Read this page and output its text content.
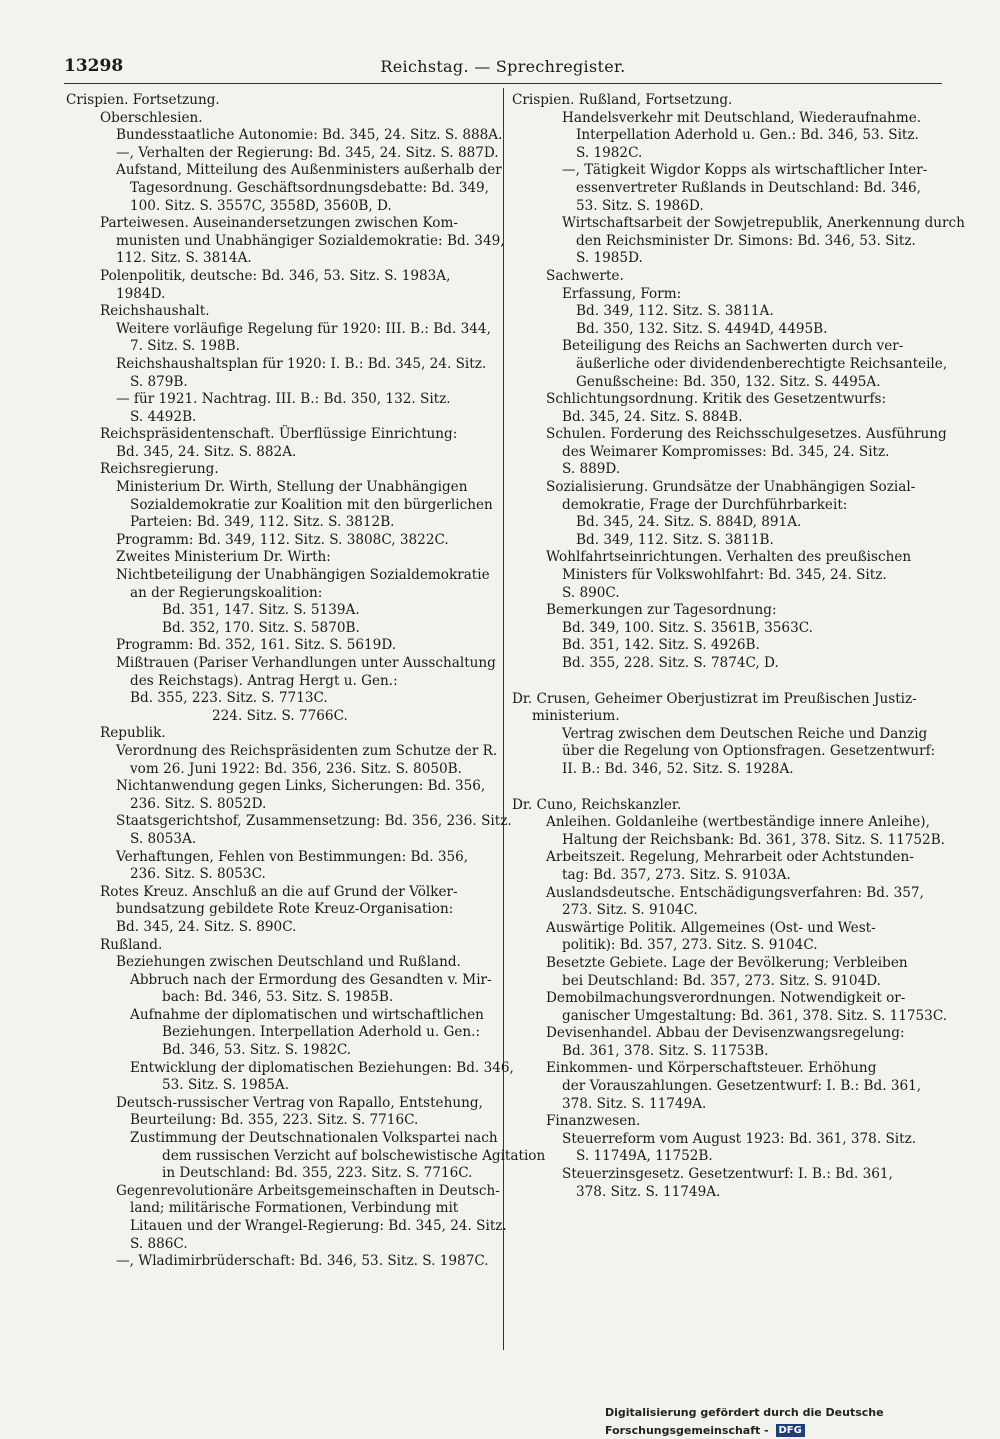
13298	Reichstag. — Sprechregister.
Crispien. Fortsetzung.
Oberschlesien.
Bundesstaatliche Autonomie: Bd. 345, 24. Sitz. S. 888A.
—, Verhalten der Regierung: Bd. 345, 24. Sitz. S. 887D.
Aufstand, Mitteilung des Außenministers außerhalb der
Tagesordnung. Geschäftsordnungsdebatte: Bd. 349,
100. Sitz. S. 3557C, 3558D, 3560B, D.
Parteiwesen. Auseinandersetzungen zwischen Kom-
munisten und Unabhängiger Sozialdemokratie: Bd. 349,
112. Sitz. S. 3814A.
Polenpolitik, deutsche: Bd. 346, 53. Sitz. S. 1983A,
1984D.
Reichshaushalt.
Weitere vorläufige Regelung für 1920: III. B.: Bd. 344,
7. Sitz. S. 198B.
Reichshaushaltsplan für 1920: I. B.: Bd. 345, 24. Sitz.
S. 879B.
— für 1921. Nachtrag. III. B.: Bd. 350, 132. Sitz.
S. 4492B.
Reichspräsidentenschaft. Überflüssige Einrichtung:
Bd. 345, 24. Sitz. S. 882A.
Reichsregierung.
Ministerium Dr. Wirth, Stellung der Unabhängigen
Sozialdemokratie zur Koalition mit den bürgerlichen
Parteien: Bd. 349, 112. Sitz. S. 3812B.
Programm: Bd. 349, 112. Sitz. S. 3808C, 3822C.
Zweites Ministerium Dr. Wirth:
Nichtbeteiligung der Unabhängigen Sozialdemokratie
an der Regierungskoalition:
Bd. 351, 147. Sitz. S. 5139A.
Bd. 352, 170. Sitz. S. 5870B.
Programm: Bd. 352, 161. Sitz. S. 5619D.
Mißtrauen (Pariser Verhandlungen unter Ausschaltung
des Reichstags). Antrag Hergt u. Gen.:
Bd. 355, 223. Sitz. S. 7713C.
224. Sitz. S. 7766C.
Republik.
Verordnung des Reichspräsidenten zum Schutze der R.
vom 26. Juni 1922: Bd. 356, 236. Sitz. S. 8050B.
Nichtanwendung gegen Links, Sicherungen: Bd. 356,
236. Sitz. S. 8052D.
Staatsgerichtshof, Zusammensetzung: Bd. 356, 236. Sitz.
S. 8053A.
Verhaftungen, Fehlen von Bestimmungen: Bd. 356,
236. Sitz. S. 8053C.
Rotes Kreuz. Anschluß an die auf Grund der Völker-
bundsatzung gebildete Rote Kreuz-Organisation:
Bd. 345, 24. Sitz. S. 890C.
Rußland.
Beziehungen zwischen Deutschland und Rußland.
Abbruch nach der Ermordung des Gesandten v. Mir-
bach: Bd. 346, 53. Sitz. S. 1985B.
Aufnahme der diplomatischen und wirtschaftlichen
Beziehungen. Interpellation Aderhold u. Gen.:
Bd. 346, 53. Sitz. S. 1982C.
Entwicklung der diplomatischen Beziehungen: Bd. 346,
53. Sitz. S. 1985A.
Deutsch-russischer Vertrag von Rapallo, Entstehung,
Beurteilung: Bd. 355, 223. Sitz. S. 7716C.
Zustimmung der Deutschnationalen Volkspartei nach
dem russischen Verzicht auf bolschewistische Agitation
in Deutschland: Bd. 355, 223. Sitz. S. 7716C.
Gegenrevolutionäre Arbeitsgemeinschaften in Deutsch-
land; militärische Formationen, Verbindung mit
Litauen und der Wrangel-Regierung: Bd. 345, 24. Sitz.
S. 886C.
—, Wladimirbrüderschaft: Bd. 346, 53. Sitz. S. 1987C.
Crispien. Rußland, Fortsetzung.
Handelsverkehr mit Deutschland, Wiederaufnahme.
Interpellation Aderhold u. Gen.: Bd. 346, 53. Sitz.
S. 1982C.
—, Tätigkeit Wigdor Kopps als wirtschaftlicher Inter-
essenvertreter Rußlands in Deutschland: Bd. 346,
53. Sitz. S. 1986D.
Wirtschaftsarbeit der Sowjetrepublik, Anerkennung durch
den Reichsminister Dr. Simons: Bd. 346, 53. Sitz.
S. 1985D.
Sachwerte.
Erfassung, Form:
Bd. 349, 112. Sitz. S. 3811A.
Bd. 350, 132. Sitz. S. 4494D, 4495B.
Beteiligung des Reichs an Sachwerten durch ver-
äußerliche oder dividendenberechtigte Reichsanteile,
Genußscheine: Bd. 350, 132. Sitz. S. 4495A.
Schlichtungsordnung. Kritik des Gesetzentwurfs:
Bd. 345, 24. Sitz. S. 884B.
Schulen. Forderung des Reichsschulgesetzes. Ausführung
des Weimarer Kompromisses: Bd. 345, 24. Sitz.
S. 889D.
Sozialisierung. Grundsätze der Unabhängigen Sozial-
demokratie, Frage der Durchführbarkeit:
Bd. 345, 24. Sitz. S. 884D, 891A.
Bd. 349, 112. Sitz. S. 3811B.
Wohlfahrtseinrichtungen. Verhalten des preußischen
Ministers für Volkswohlfahrt: Bd. 345, 24. Sitz.
S. 890C.
Bemerkungen zur Tagesordnung:
Bd. 349, 100. Sitz. S. 3561B, 3563C.
Bd. 351, 142. Sitz. S. 4926B.
Bd. 355, 228. Sitz. S. 7874C, D.
Dr. Crusen, Geheimer Oberjustizrat im Preußischen Justiz-
ministerium.
Vertrag zwischen dem Deutschen Reiche und Danzig
über die Regelung von Optionsfragen. Gesetzentwurf:
II. B.: Bd. 346, 52. Sitz. S. 1928A.
Dr. Cuno, Reichskanzler.
Anleihen. Goldanleihe (wertbeständige innere Anleihe),
Haltung der Reichsbank: Bd. 361, 378. Sitz. S. 11752B.
Arbeitszeit. Regelung, Mehrarbeit oder Achtstunden-
tag: Bd. 357, 273. Sitz. S. 9103A.
Auslandsdeutsche. Entschädigungsverfahren: Bd. 357,
273. Sitz. S. 9104C.
Auswärtige Politik. Allgemeines (Ost- und West-
politik): Bd. 357, 273. Sitz. S. 9104C.
Besetzte Gebiete. Lage der Bevölkerung; Verbleiben
bei Deutschland: Bd. 357, 273. Sitz. S. 9104D.
Demobilmachungsverordnungen. Notwendigkeit or-
ganischer Umgestaltung: Bd. 361, 378. Sitz. S. 11753C.
Devisenhandel. Abbau der Devisenzwangsregelung:
Bd. 361, 378. Sitz. S. 11753B.
Einkommen- und Körperschaftsteuer. Erhöhung
der Vorauszahlungen. Gesetzentwurf: I. B.: Bd. 361,
378. Sitz. S. 11749A.
Finanzwesen.
Steuerreform vom August 1923: Bd. 361, 378. Sitz.
S. 11749A, 11752B.
Steuerzinsgesetz. Gesetzentwurf: I. B.: Bd. 361,
378. Sitz. S. 11749A.
Digitalisierung gefördert durch die Deutsche Forschungsgemeinschaft - DFG
